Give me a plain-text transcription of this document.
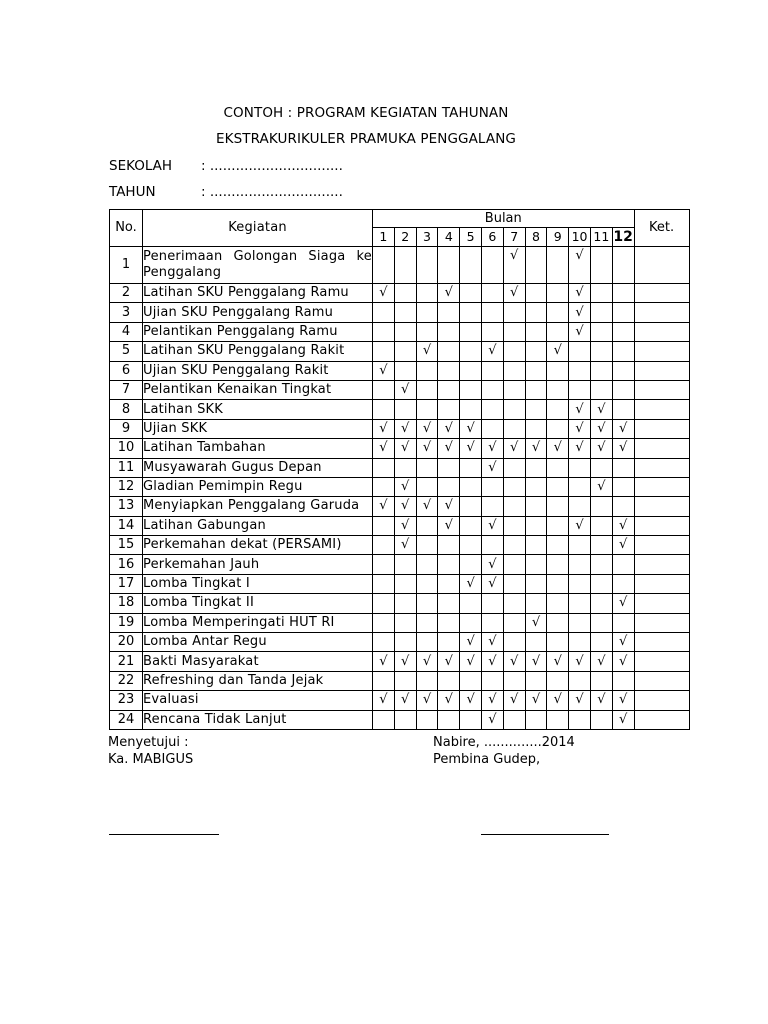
CONTOH : PROGRAM KEGIATAN TAHUNAN
EKSTRAKURIKULER PRAMUKA PENGGALANG
SEKOLAH : ...............................
TAHUN	: ...............................
No.	Kegiatan	Bulan												Ket.
		1	2	3	4	5	6	7	8	9	10	11	12	
1	Penerimaan Golongan Siaga ke Penggalang							√			√			
2	Latihan SKU Penggalang Ramu	√			√			√			√			
3	Ujian SKU Penggalang Ramu										√			
4	Pelantikan Penggalang Ramu										√			
5	Latihan SKU Penggalang Rakit			√			√			√				
6	Ujian SKU Penggalang Rakit	√												
7	Pelantikan Kenaikan Tingkat		√											
8	Latihan SKK										√	√		
9	Ujian SKK	√	√	√	√	√					√	√	√	
10	Latihan Tambahan	√	√	√	√	√	√	√	√	√	√	√	√	
11	Musyawarah Gugus Depan						√							
12	Gladian Pemimpin Regu		√									√		
13	Menyiapkan Penggalang Garuda	√	√	√	√									
14	Latihan Gabungan		√		√		√				√		√	
15	Perkemahan dekat (PERSAMI)		√										√	
16	Perkemahan Jauh						√							
17	Lomba Tingkat I					√	√							
18	Lomba Tingkat II												√	
19	Lomba Memperingati HUT RI								√					
20	Lomba Antar Regu					√	√						√	
21	Bakti Masyarakat	√	√	√	√	√	√	√	√	√	√	√	√	
22	Refreshing dan Tanda Jejak													
23	Evaluasi	√	√	√	√	√	√	√	√	√	√	√	√	
24	Rencana Tidak Lanjut						√						√	
Menyetujui :
Ka. MABIGUS
Nabire, ..............2014
Pembina Gudep,
